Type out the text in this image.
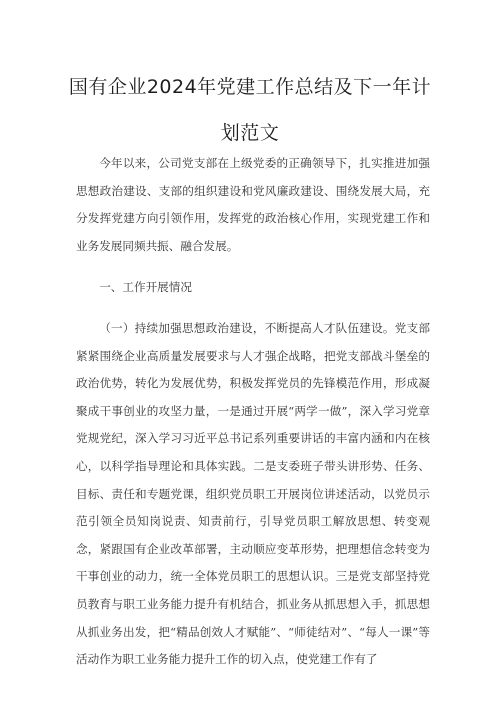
国有企业2024年党建工作总结及下一年计
划范文

今年以来，公司党支部在上级党委的正确领导下，扎实推进加强思想政治建设、支部的组织建设和党风廉政建设、围绕发展大局，充分发挥党建方向引领作用，发挥党的政治核心作用，实现党建工作和业务发展同频共振、融合发展。

一、工作开展情况

（一）持续加强思想政治建设，不断提高人才队伍建设。党支部紧紧围绕企业高质量发展要求与人才强企战略，把党支部战斗堡垒的政治优势，转化为发展优势，积极发挥党员的先锋模范作用，形成凝聚成干事创业的攻坚力量，一是通过开展“两学一做”，深入学习党章党规党纪，深入学习习近平总书记系列重要讲话的丰富内涵和内在核心，以科学指导理论和具体实践。二是支委班子带头讲形势、任务、目标、责任和专题党课，组织党员职工开展岗位讲述活动，以党员示范引领全员知岗说责、知责前行，引导党员职工解放思想、转变观念，紧跟国有企业改革部署，主动顺应变革形势，把理想信念转变为干事创业的动力，统一全体党员职工的思想认识。三是党支部坚持党员教育与职工业务能力提升有机结合，抓业务从抓思想入手，抓思想从抓业务出发，把“精品创效人才赋能”、“师徒结对”、“每人一课”等活动作为职工业务能力提升工作的切入点，使党建工作有了
